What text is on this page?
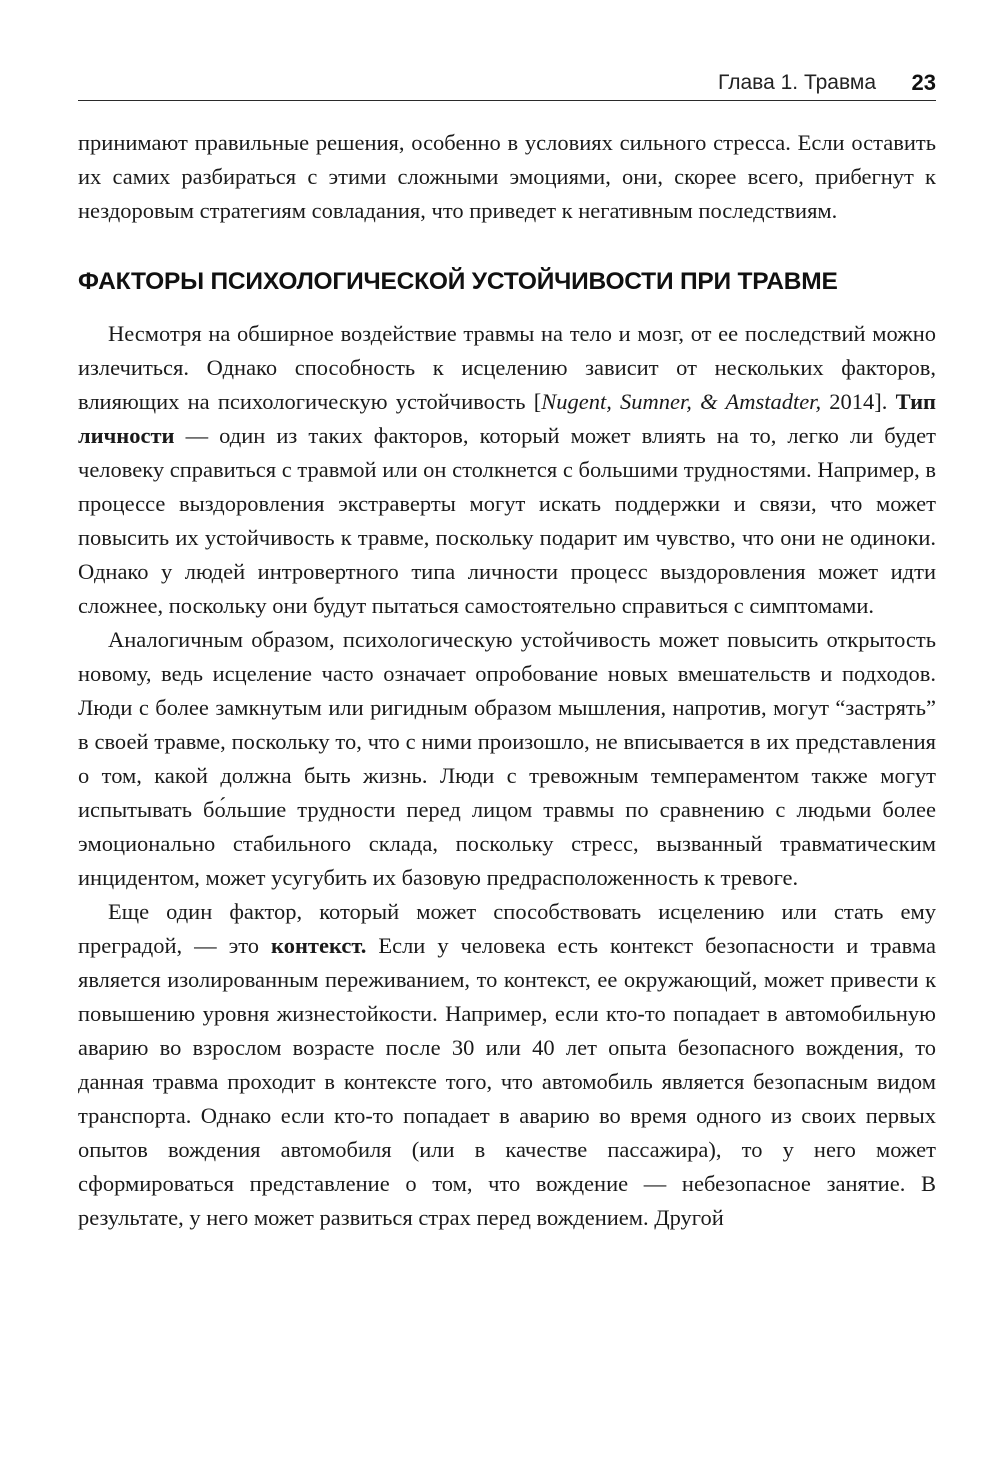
Глава 1. Травма 23

принимают правильные решения, особенно в условиях сильного стресса. Если оставить их самих разбираться с этими сложными эмоциями, они, скорее всего, прибегнут к нездоровым стратегиям совладания, что приведет к негативным последствиям.

ФАКТОРЫ ПСИХОЛОГИЧЕСКОЙ УСТОЙЧИВОСТИ ПРИ ТРАВМЕ

Несмотря на обширное воздействие травмы на тело и мозг, от ее последствий можно излечиться. Однако способность к исцелению зависит от нескольких факторов, влияющих на психологическую устойчивость [Nugent, Sumner, & Amstadter, 2014]. Тип личности — один из таких факторов, который может влиять на то, легко ли будет человеку справиться с травмой или он столкнется с большими трудностями. Например, в процессе выздоровления экстраверты могут искать поддержки и связи, что может повысить их устойчивость к травме, поскольку подарит им чувство, что они не одиноки. Однако у людей интровертного типа личности процесс выздоровления может идти сложнее, поскольку они будут пытаться самостоятельно справиться с симптомами.

Аналогичным образом, психологическую устойчивость может повысить открытость новому, ведь исцеление часто означает опробование новых вмешательств и подходов. Люди с более замкнутым или ригидным образом мышления, напротив, могут “застрять” в своей травме, поскольку то, что с ними произошло, не вписывается в их представления о том, какой должна быть жизнь. Люди с тревожным темпераментом также могут испытывать бо́льшие трудности перед лицом травмы по сравнению с людьми более эмоционально стабильного склада, поскольку стресс, вызванный травматическим инцидентом, может усугубить их базовую предрасположенность к тревоге.

Еще один фактор, который может способствовать исцелению или стать ему преградой, — это контекст. Если у человека есть контекст безопасности и травма является изолированным переживанием, то контекст, ее окружающий, может привести к повышению уровня жизнестойкости. Например, если кто-то попадает в автомобильную аварию во взрослом возрасте после 30 или 40 лет опыта безопасного вождения, то данная травма проходит в контексте того, что автомобиль является безопасным видом транспорта. Однако если кто-то попадает в аварию во время одного из своих первых опытов вождения автомобиля (или в качестве пассажира), то у него может сформироваться представление о том, что вождение — небезопасное занятие. В результате, у него может развиться страх перед вождением. Другой
